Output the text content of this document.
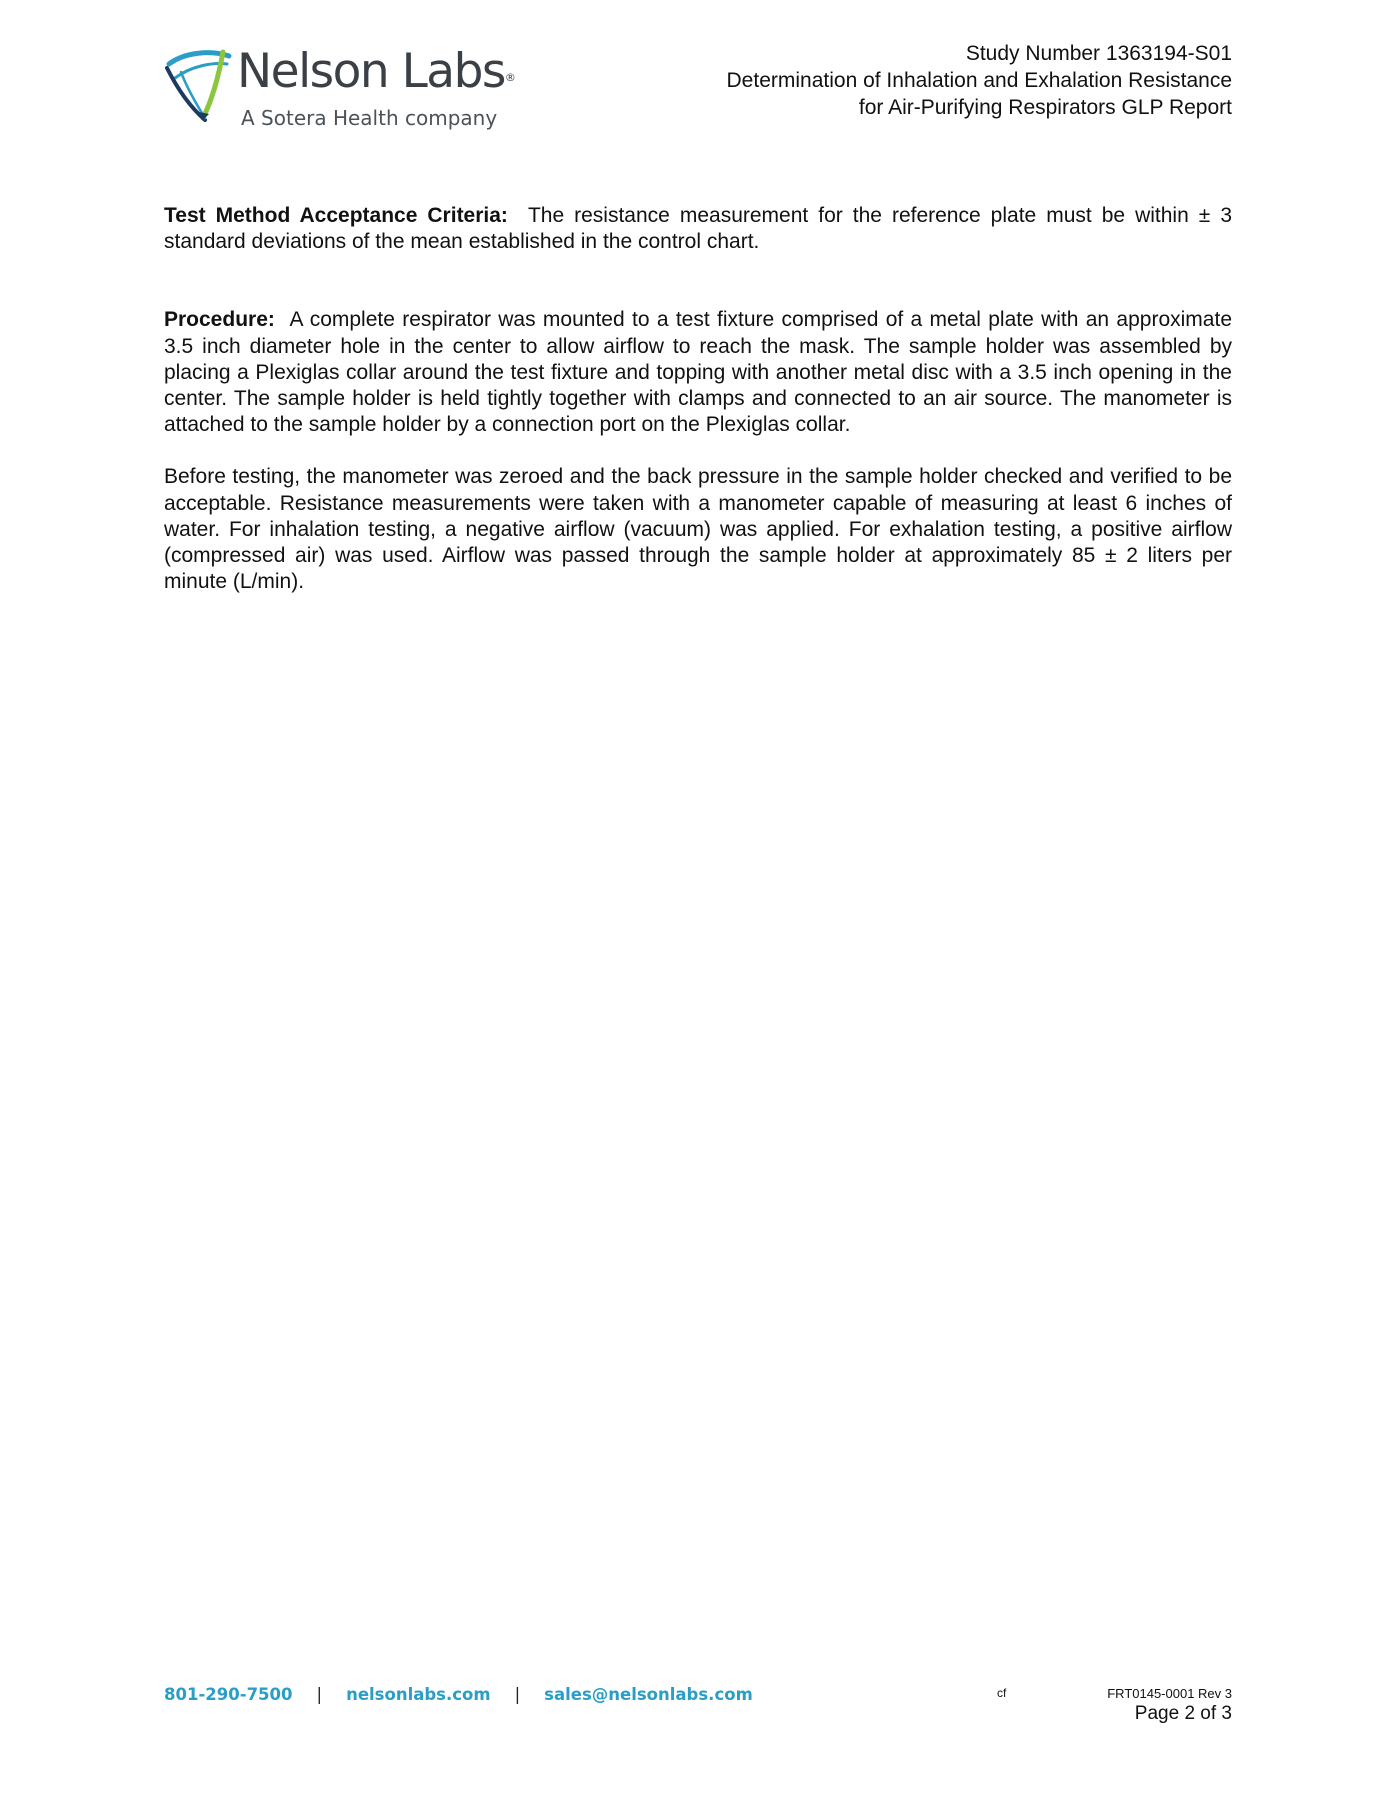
Nelson Labs®
A Sotera Health company
Study Number 1363194-S01
Determination of Inhalation and Exhalation Resistance
for Air-Purifying Respirators GLP Report

Test Method Acceptance Criteria: The resistance measurement for the reference plate must be within ± 3 standard deviations of the mean established in the control chart.

Procedure: A complete respirator was mounted to a test fixture comprised of a metal plate with an approximate 3.5 inch diameter hole in the center to allow airflow to reach the mask. The sample holder was assembled by placing a Plexiglas collar around the test fixture and topping with another metal disc with a 3.5 inch opening in the center. The sample holder is held tightly together with clamps and connected to an air source. The manometer is attached to the sample holder by a connection port on the Plexiglas collar.

Before testing, the manometer was zeroed and the back pressure in the sample holder checked and verified to be acceptable. Resistance measurements were taken with a manometer capable of measuring at least 6 inches of water. For inhalation testing, a negative airflow (vacuum) was applied. For exhalation testing, a positive airflow (compressed air) was used. Airflow was passed through the sample holder at approximately 85 ± 2 liters per minute (L/min).

801-290-7500 | nelsonlabs.com | sales@nelsonlabs.com	cf	FRT0145-0001 Rev 3
Page 2 of 3
